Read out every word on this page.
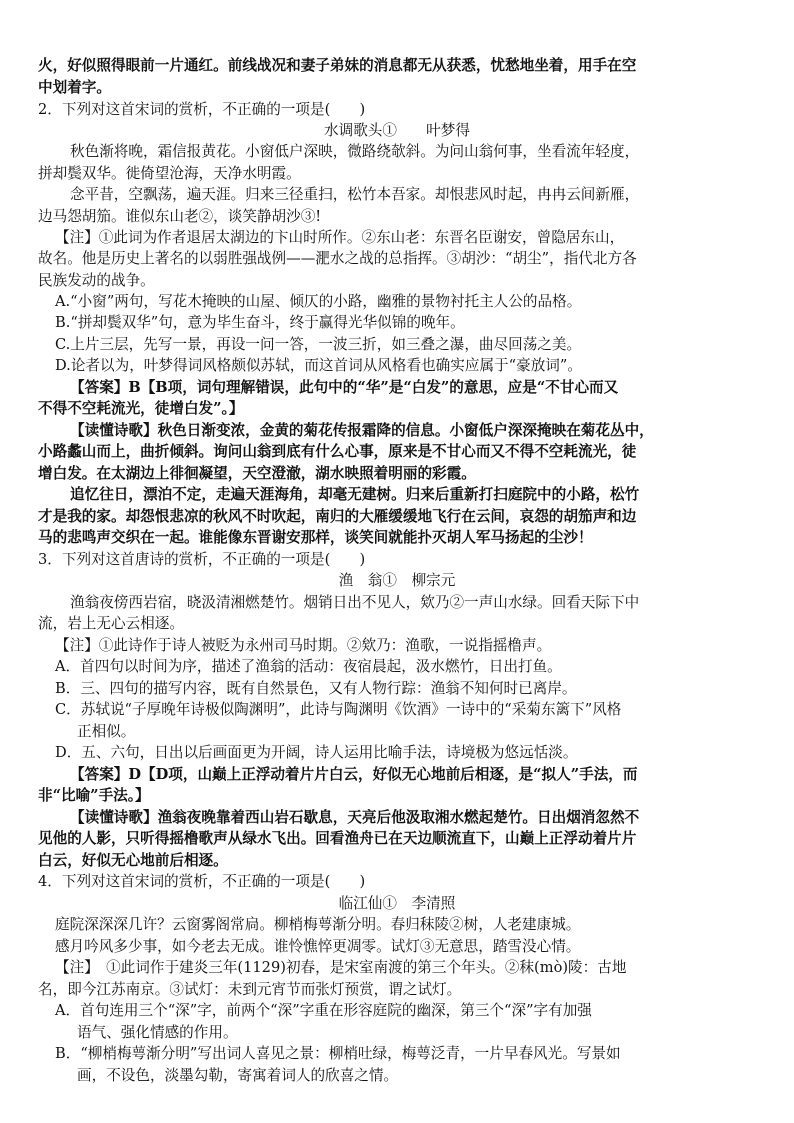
火，好似照得眼前一片通红。前线战况和妻子弟妹的消息都无从获悉，忧愁地坐着，用手在空
中划着字。
2．下列对这首宋词的赏析，不正确的一项是(　　)
水调歌头①　　叶梦得
秋色渐将晚，霜信报黄花。小窗低户深映，微路绕欹斜。为问山翁何事，坐看流年轻度，
拼却鬓双华。徙倚望沧海，天净水明霞。
念平昔，空飘荡，遍天涯。归来三径重扫，松竹本吾家。却恨悲风时起，冉冉云间新雁，
边马怨胡笳。谁似东山老②，谈笑静胡沙③!
【注】①此词为作者退居太湖边的卞山时所作。②东山老：东晋名臣谢安，曾隐居东山，
故名。他是历史上著名的以弱胜强战例——淝水之战的总指挥。③胡沙：“胡尘”，指代北方各
民族发动的战争。
A.“小窗”两句，写花木掩映的山屋、倾仄的小路，幽雅的景物衬托主人公的品格。
B.“拼却鬓双华”句，意为毕生奋斗，终于赢得光华似锦的晚年。
C.上片三层，先写一景，再设一问一答，一波三折，如三叠之瀑，曲尽回荡之美。
D.论者以为，叶梦得词风格颇似苏轼，而这首词从风格看也确实应属于“豪放词”。
【答案】B【B项，词句理解错误，此句中的“华”是“白发”的意思，应是“不甘心而又
不得不空耗流光，徒增白发”。】
【读懂诗歌】秋色日渐变浓，金黄的菊花传报霜降的信息。小窗低户深深掩映在菊花丛中，
小路蠡山而上，曲折倾斜。询问山翁到底有什么心事，原来是不甘心而又不得不空耗流光，徒
增白发。在太湖边上徘徊凝望，天空澄澈，湖水映照着明丽的彩霞。
追忆往日，漂泊不定，走遍天涯海角，却毫无建树。归来后重新打扫庭院中的小路，松竹
才是我的家。却怨恨悲凉的秋风不时吹起，南归的大雁缓缓地飞行在云间，哀怨的胡笳声和边
马的悲鸣声交织在一起。谁能像东晋谢安那样，谈笑间就能扑灭胡人军马扬起的尘沙！
3．下列对这首唐诗的赏析，不正确的一项是(　　)
渔　翁①　柳宗元
渔翁夜傍西岩宿，晓汲清湘燃楚竹。烟销日出不见人，欸乃②一声山水绿。回看天际下中
流，岩上无心云相逐。
【注】①此诗作于诗人被贬为永州司马时期。②欸乃：渔歌，一说指摇橹声。
A．首四句以时间为序，描述了渔翁的活动：夜宿晨起，汲水燃竹，日出打鱼。
B．三、四句的描写内容，既有自然景色，又有人物行踪：渔翁不知何时已离岸。
C．苏轼说“子厚晚年诗极似陶渊明”，此诗与陶渊明《饮酒》一诗中的“采菊东篱下”风格
正相似。
D．五、六句，日出以后画面更为开阔，诗人运用比喻手法，诗境极为悠远恬淡。
【答案】D【D项，山巅上正浮动着片片白云，好似无心地前后相逐，是“拟人”手法，而
非“比喻”手法。】
【读懂诗歌】渔翁夜晚靠着西山岩石歇息，天亮后他汲取湘水燃起楚竹。日出烟消忽然不
见他的人影，只听得摇橹歌声从绿水飞出。回看渔舟已在天边顺流直下，山巅上正浮动着片片
白云，好似无心地前后相逐。
4．下列对这首宋词的赏析，不正确的一项是(　　)
临江仙①　李清照
庭院深深深几许？云窗雾阁常扃。柳梢梅萼渐分明。春归秣陵②树，人老建康城。
感月吟风多少事，如今老去无成。谁怜憔悴更凋零。试灯③无意思，踏雪没心情。
【注】　①此词作于建炎三年(1129)初春，是宋室南渡的第三个年头。②秣(mò)陵：古地
名，即今江苏南京。③试灯：未到元宵节而张灯预赏，谓之试灯。
A．首句连用三个“深”字，前两个“深”字重在形容庭院的幽深，第三个“深”字有加强
语气、强化情感的作用。
B．“柳梢梅萼渐分明”写出词人喜见之景：柳梢吐绿，梅萼泛青，一片早春风光。写景如
画，不设色，淡墨勾勒，寄寓着词人的欣喜之情。
